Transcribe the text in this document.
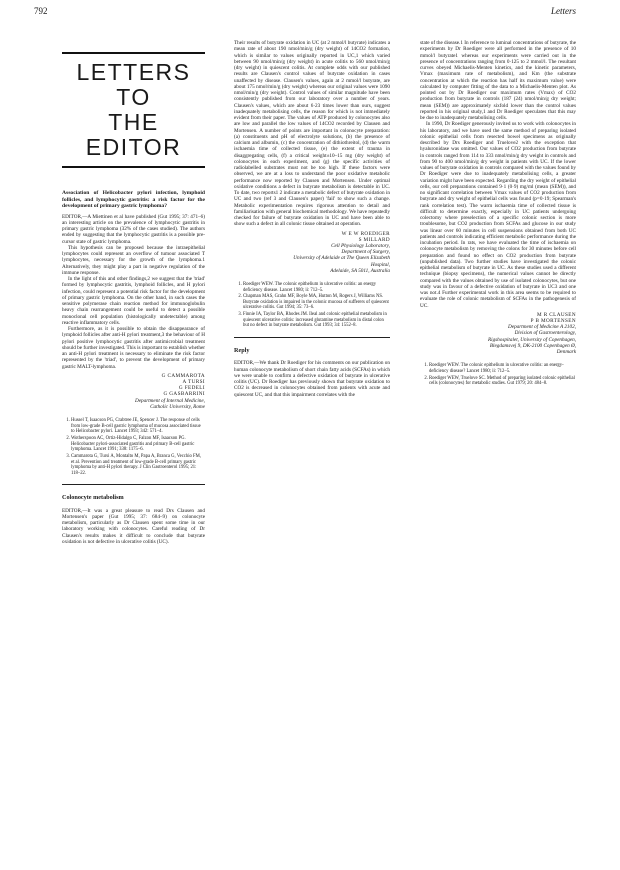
792	Letters
LETTERS TO
THE EDITOR
Association of Helicobacter pylori infection, lymphoid follicles, and lymphocytic gastritis: a risk factor for the development of primary gastric lymphoma?

EDITOR,—A Miettinen et al have published (Gut 1995; 37: 471–6) an interesting article on the prevalence of lymphocytic gastritis in primary gastric lymphoma (32% of the cases studied). The authors ended by suggesting that the lymphocytic gastritis is a possible pre-cursor state of gastric lymphoma.

This hypothesis can be proposed because the intraepithelial lymphocytes could represent an overflow of tumour associated T lymphocytes, necessary for the growth of the lymphoma.1 Alternatively, they might play a part in negative regulation of the immune response.

In the light of this and other findings,2 we suggest that the 'triad' formed by lymphocytic gastritis, lymphoid follicles, and H pylori infection, could represent a potential risk factor for the development of primary gastric lymphoma. On the other hand, in such cases the sensitive polymerase chain reaction method for immunoglobulin heavy chain rearrangement could be useful to detect a possible monoclonal cell population (histologically undetectable) among reactive inflammatory cells.

Furthermore, as it is possible to obtain the disappearance of lymphoid follicles after anti-H pylori treatment,3 the behaviour of H pylori positive lymphocytic gastritis after antimicrobial treatment should be further investigated. This is important to establish whether an anti-H pylori treatment is necessary to eliminate the risk factor represented by the 'triad', to prevent the development of primary gastric MALT-lymphoma.

G CAMMAROTA
A TURSI
G FEDELI
G GASBARRINI
Department of Internal Medicine,
Catholic University, Rome
1. Hussel T, Isaacson PG, Crabtree JE, Spencer J. The response of cells from low-grade B-cell gastric lymphoma of mucosa associated tissue to Helicobacter pylori. Lancet 1993; 342: 571–4.
2. Wotherspoon AC, Ortiz-Hidalgo C, Falzon MF, Isaacson PG. Helicobacter pylori-associated gastritis and primary B-cell gastric lymphoma. Lancet 1991; 338: 1175–6.
3. Cammarota G, Tursi A, Montalto M, Papa A, Branca G, Vecchio FM, et al. Prevention and treatment of low-grade B-cell primary gastric lymphoma by anti-H pylori therapy. J Clin Gastroenterol 1995; 21: 118–22.
Colonocyte metabolism

EDITOR,—It was a great pleasure to read Drs Clausen and Mortensen's paper (Gut 1995; 37: 684–9) on colonocyte metabolism, particularly as Dr Clausen spent some time in our laboratory working with colonocytes. Careful reading of Dr Clausen's results makes it difficult to conclude that butyrate oxidation is not defective in ulcerative colitis (UC).

Their results of butyrate oxidation in UC (at 2 mmol/l butyrate) indicates a mean rate of about 190 nmol/min/g (dry weight) of 14CO2 formation, which is similar to values originally reported in UC,1 which varied between 90 nmol/min/g (dry weight) in acute colitis to 560 nmol/min/g (dry weight) in quiescent colitis. At complete odds with our published results are Clausen's control values of butyrate oxidation in cases unaffected by disease. Clausen's values, again at 2 mmol/l butyrate, are about 175 nmol/min/g (dry weight) whereas our original values were 1090 nmol/min/g (dry weight). Control values of similar magnitude have been consistently published from our laboratory over a number of years. Clausen's values, which are about 6·23 times lower than ours, suggest inadequately metabolising cells, the reason for which is not immediately evident from their paper. The values of ATP produced by colonocytes also are low and parallel the low values of 14CO2 recorded by Clausen and Mortensen. A number of points are important in colonocyte preparation: (a) constituents and pH of electrolyte solutions, (b) the presence of calcium and albumin, (c) the concentration of dithiothreitol, (d) the warm ischaemia time of collected tissue, (e) the extent of trauma in disaggregating cells, (f) a critical weight±10–15 mg (dry weight) of colonocytes in each experiment, and (g) the specific activities of radiolabelled substrates must not be too high. If these factors were observed, we are at a loss to understand the poor oxidative metabolic performance now reported by Clausen and Mortensen. Under optimal oxidative conditions a defect in butyrate metabolism is detectable in UC. To date, two reports1 2 indicate a metabolic defect of butyrate oxidation in UC and two (ref 3 and Clausen's paper) 'fail' to show such a change. Metabolic experimentation requires rigorous attention to detail and familiarisation with general biochemical methodology. We have repeatedly checked for failure of butyrate oxidation in UC and have been able to show such a defect in all colonic tissue obtained at operation.

W E W ROEDIGER
S MILLARD
Cell Physiology Laboratory,
Department of Surgery,
University of Adelaide at The Queen Elizabeth
Hospital,
Adelaide, SA 5011, Australia
1. Roediger WEW. The colonic epithelium in ulcerative colitis: an energy deficiency disease. Lancet 1980; ii: 712–5.
2. Chapman MAS, Grahn MF, Boyle MA, Hutton M, Rogers J, Williams NS. Butyrate oxidation is impaired in the colonic mucosa of sufferers of quiescent ulcerative colitis. Gut 1994; 35: 73–6.
3. Finnie IA, Taylor BA, Rhodes JM. Ileal and colonic epithelial metabolism in quiescent ulcerative colitis: increased glutamine metabolism in distal colon but no defect in butyrate metabolism. Gut 1993; 34: 1552–8.
Reply

EDITOR,—We thank Dr Roediger for his comments on our publication on human colonocyte metabolism of short chain fatty acids (SCFAs) in which we were unable to confirm a defective oxidation of butyrate in ulcerative colitis (UC). Dr Roediger has previously shown that butyrate oxidation to CO2 is decreased in colonocytes obtained from patients with acute and quiescent UC, and that this impairment correlates with the

state of the disease.1 In reference to luminal concentrations of butyrate, the experiments by Dr Roediger were all performed in the presence of 10 mmol/l butyrate1 whereas our experiments were carried out in the presence of concentrations ranging from 0·125 to 2 mmol/l. The resultant curves obeyed Michaelis-Menten kinetics, and the kinetic parameters, Vmax (maximum rate of metabolism), and Km (the substrate concentration at which the reaction has half its maximum value) were calculated by computer fitting of the data to a Michaelis-Menten plot. As pointed out by Dr Roediger our maximum rates (Vmax) of CO2 production from butyrate in controls (187 (24) nmol/min/g dry weight; mean (SEM)) are approximately sixfold lower than the control values reported in his original study,1 and Dr Roediger speculates that this may be due to inadequately metabolising cells.

In 1990, Dr Roediger generously invited us to work with colonocytes in his laboratory, and we have used the same method of preparing isolated colonic epithelial cells from resected bowel specimens as originally described by Drs Roediger and Truelove2 with the exception that hyaluronidase was omitted. Our values of CO2 production from butyrate in controls ranged from 114 to 333 nmol/min/g dry weight in controls and from 90 to 400 nmol/min/g dry weight in patients with UC. If the lower values of butyrate oxidation in controls compared with the values found by Dr Roediger were due to inadequately metabolising cells, a greater variation might have been expected. Regarding the dry weight of epithelial cells, our cell preparations contained 9·1 (0·9) mg/ml (mean (SEM)), and no significant correlation between Vmax values of CO2 production from butyrate and dry weight of epithelial cells was found (p=0·19; Spearman's rank correlation test). The warm ischaemia time of collected tissue is difficult to determine exactly, especially in UC patients undergoing colectomy where preselection of a specific colonic section is more troublesome, but CO2 production from SCFAs and glucose in our study was linear over 60 minutes in cell suspensions obtained from both UC patients and controls indicating efficient metabolic performance during the incubation period. In rats, we have evaluated the time of ischaemia on colonocyte metabolism by removing the colons for 30 minutes before cell preparation and found no effect on CO2 production from butyrate (unpublished data). Two further studies have investigated the colonic epithelial metabolism of butyrate in UC. As these studies used a different technique (biopsy specimens), the numerical values cannot be directly compared with the values obtained by use of isolated colonocytes, but one study was in favour of a defective oxidation of butyrate in UC3 and one was not.4 Further experimental work in this area seems to be required to evaluate the role of colonic metabolism of SCFAs in the pathogenesis of UC.

M R CLAUSEN
P B MORTENSEN
Department of Medicine A 2102,
Division of Gastroenterology,
Rigshospitalet, University of Copenhagen,
Blegdamsvej 9, DK-2100 Copenhagen Ø,
Denmark
1. Roediger WEW. The colonic epithelium in ulcerative colitis: an energy-deficiency disease? Lancet 1980; ii: 712–5.
2. Roediger WEW, Truelove SC. Method of preparing isolated colonic epithelial cells (colonocytes) for metabolic studies. Gut 1979; 20: 484–8.
